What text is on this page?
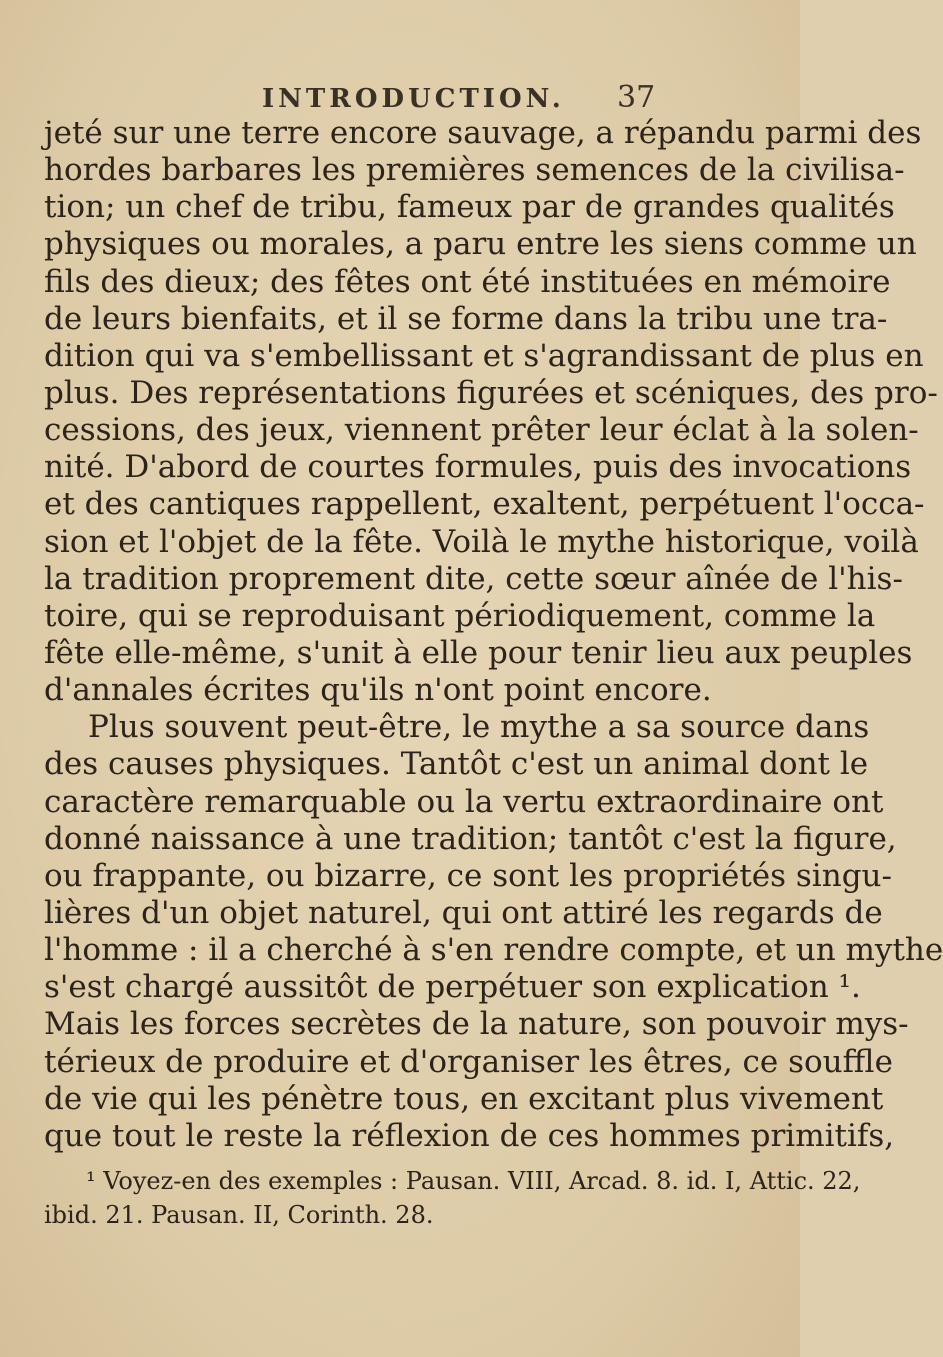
INTRODUCTION. 37
jeté sur une terre encore sauvage, a répandu parmi des
hordes barbares les premières semences de la civilisa-
tion; un chef de tribu, fameux par de grandes qualités
physiques ou morales, a paru entre les siens comme un
fils des dieux; des fêtes ont été instituées en mémoire
de leurs bienfaits, et il se forme dans la tribu une tra-
dition qui va s'embellissant et s'agrandissant de plus en
plus. Des représentations figurées et scéniques, des pro-
cessions, des jeux, viennent prêter leur éclat à la solen-
nité. D'abord de courtes formules, puis des invocations
et des cantiques rappellent, exaltent, perpétuent l'occa-
sion et l'objet de la fête. Voilà le mythe historique, voilà
la tradition proprement dite, cette sœur aînée de l'his-
toire, qui se reproduisant périodiquement, comme la
fête elle-même, s'unit à elle pour tenir lieu aux peuples
d'annales écrites qu'ils n'ont point encore.
Plus souvent peut-être, le mythe a sa source dans
des causes physiques. Tantôt c'est un animal dont le
caractère remarquable ou la vertu extraordinaire ont
donné naissance à une tradition; tantôt c'est la figure,
ou frappante, ou bizarre, ce sont les propriétés singu-
lières d'un objet naturel, qui ont attiré les regards de
l'homme : il a cherché à s'en rendre compte, et un mythe
s'est chargé aussitôt de perpétuer son explication ¹.
Mais les forces secrètes de la nature, son pouvoir mys-
térieux de produire et d'organiser les êtres, ce souffle
de vie qui les pénètre tous, en excitant plus vivement
que tout le reste la réflexion de ces hommes primitifs,
¹ Voyez-en des exemples : Pausan. VIII, Arcad. 8. id. I, Attic. 22,
ibid. 21. Pausan. II, Corinth. 28.
